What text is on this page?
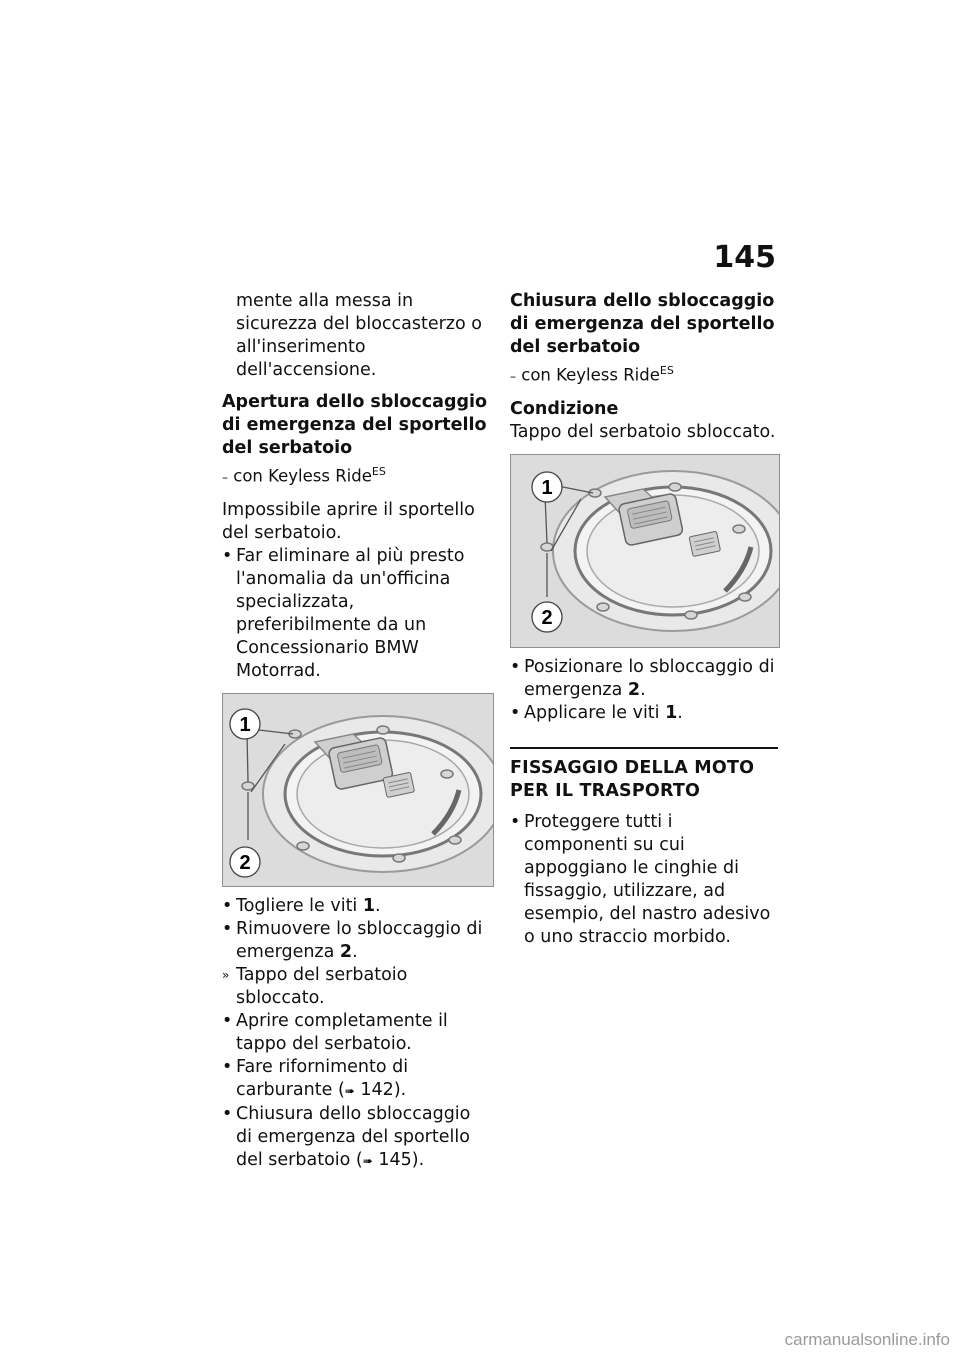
145

mente alla messa in sicurezza del bloccasterzo o all'inserimento dell'accensione.

Apertura dello sbloccaggio di emergenza del sportello del serbatoio

– con Keyless Ride$^{ES}$

Impossibile aprire il sportello del serbatoio.

• Far eliminare al più presto l'anomalia da un'officina specializzata, preferibilmente da un Concessionario BMW Motorrad.
1
2
• Togliere le viti 1.
• Rimuovere lo sbloccaggio di emergenza 2.
» Tappo del serbatoio sbloccato.
• Aprire completamente il tappo del serbatoio.
• Fare rifornimento di carburante (➠ 142).
• Chiusura dello sbloccaggio di emergenza del sportello del serbatoio (➠ 145).

Chiusura dello sbloccaggio di emergenza del sportello del serbatoio

– con Keyless Ride$^{ES}$

Condizione

Tappo del serbatoio sbloccato.

1
2
• Posizionare lo sbloccaggio di emergenza 2.
• Applicare le viti 1.

FISSAGGIO DELLA MOTO PER IL TRASPORTO

• Proteggere tutti i componenti su cui appoggiano le cinghie di fissaggio, utilizzare, ad esempio, del nastro adesivo o uno straccio morbido.
carmanualsonline.info
